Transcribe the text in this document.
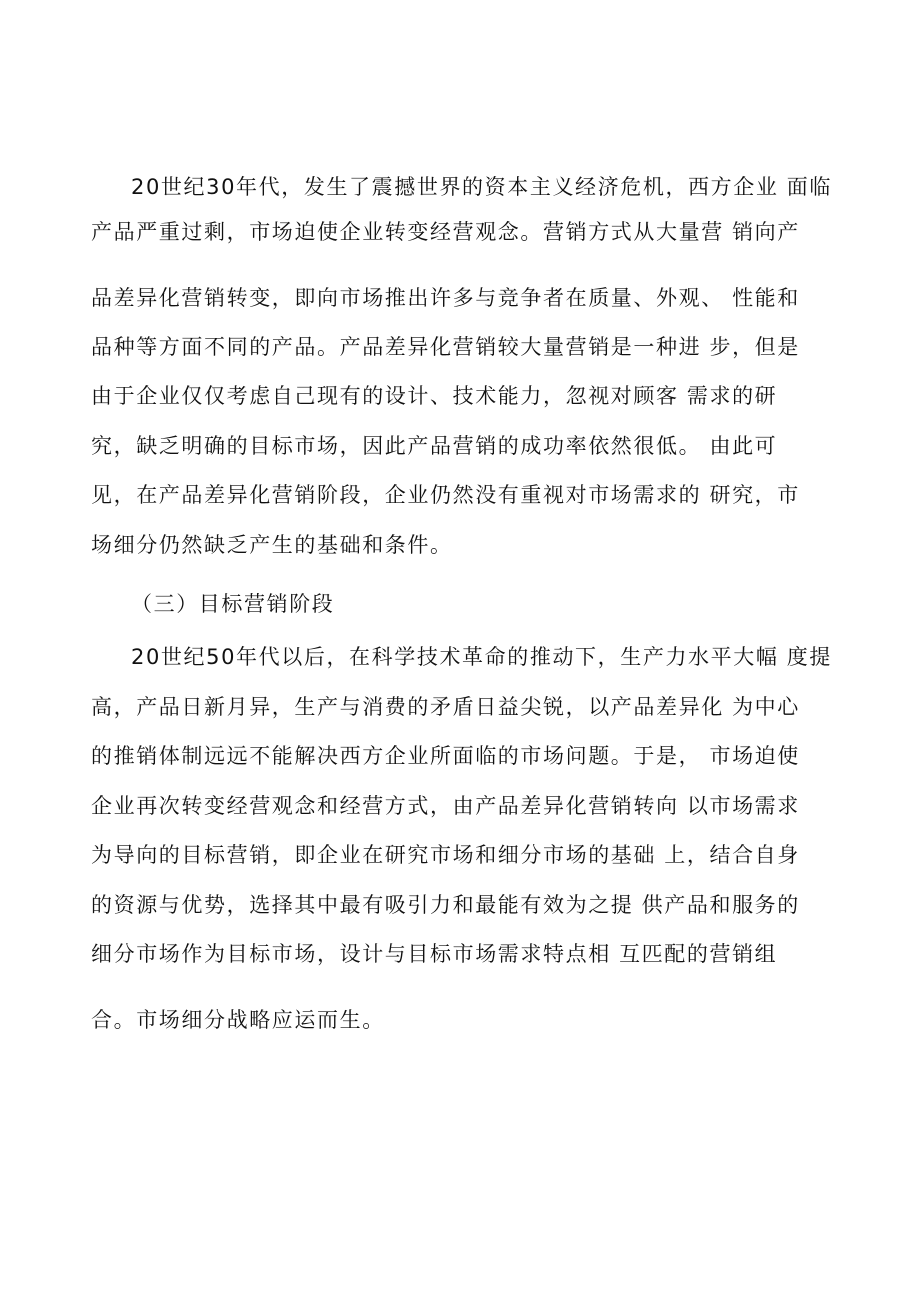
20世纪30年代，发生了震撼世界的资本主义经济危机，西方企业 面临
产品严重过剩，市场迫使企业转变经营观念。营销方式从大量营 销向产
品差异化营销转变，即向市场推出许多与竞争者在质量、外观、 性能和
品种等方面不同的产品。产品差异化营销较大量营销是一种进 步，但是
由于企业仅仅考虑自己现有的设计、技术能力，忽视对顾客 需求的研
究，缺乏明确的目标市场，因此产品营销的成功率依然很低。 由此可
见，在产品差异化营销阶段，企业仍然没有重视对市场需求的 研究，市
场细分仍然缺乏产生的基础和条件。
（三）目标营销阶段
20世纪50年代以后，在科学技术革命的推动下，生产力水平大幅 度提
高，产品日新月异，生产与消费的矛盾日益尖锐，以产品差异化 为中心
的推销体制远远不能解决西方企业所面临的市场问题。于是， 市场迫使
企业再次转变经营观念和经营方式，由产品差异化营销转向 以市场需求
为导向的目标营销，即企业在研究市场和细分市场的基础 上，结合自身
的资源与优势，选择其中最有吸引力和最能有效为之提 供产品和服务的
细分市场作为目标市场，设计与目标市场需求特点相 互匹配的营销组
合。市场细分战略应运而生。
